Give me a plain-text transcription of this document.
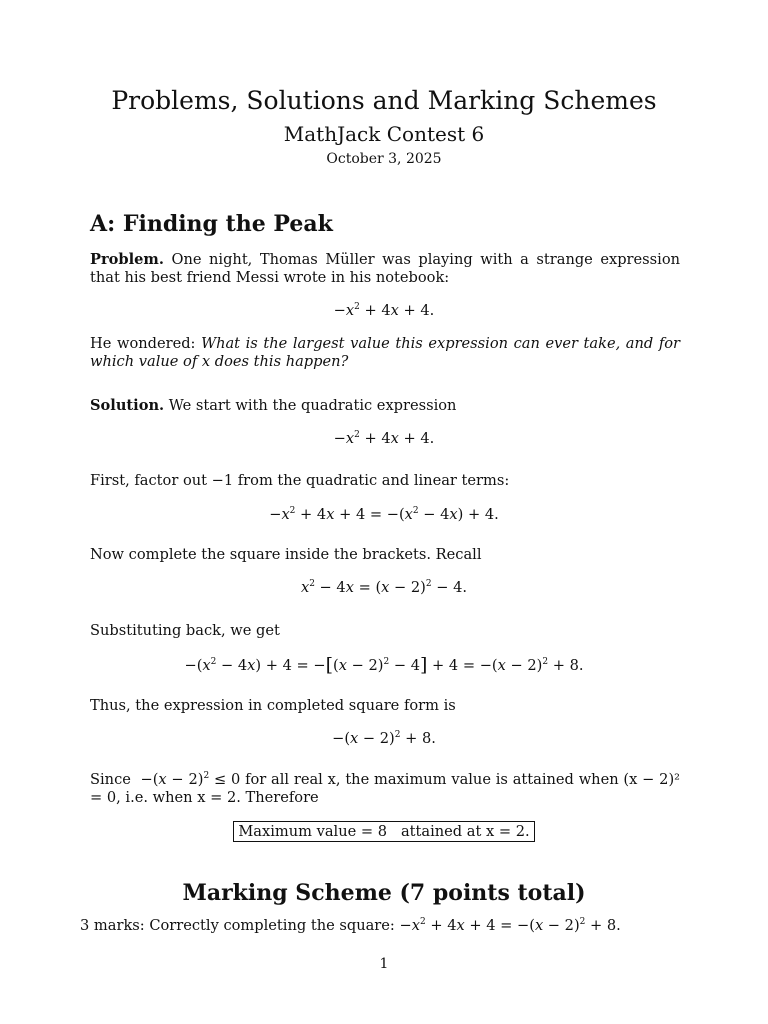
Problems, Solutions and Marking Schemes
MathJack Contest 6
October 3, 2025
A: Finding the Peak
Problem. One night, Thomas Müller was playing with a strange expression that his best friend Messi wrote in his notebook:
$-x^2 + 4x + 4$.
He wondered: What is the largest value this expression can ever take, and for which value of x does this happen?
Solution. We start with the quadratic expression
$-x^2 + 4x + 4$.
First, factor out −1 from the quadratic and linear terms:
$-x^2 + 4x + 4 = -(x^2 - 4x) + 4$.
Now complete the square inside the brackets. Recall
$x^2 - 4x = (x - 2)^2 - 4$.
Substituting back, we get
$-(x^2 - 4x) + 4 = -[(x - 2)^2 - 4] + 4 = -(x - 2)^2 + 8$.
Thus, the expression in completed square form is
$-(x - 2)^2 + 8$.
Since  $-(x - 2)^2 \le 0$ for all real x, the maximum value is attained when (x − 2)² = 0, i.e. when x = 2. Therefore
Maximum value = 8 attained at x = 2.
Marking Scheme (7 points total)
3 marks: Correctly completing the square: $-x^2 + 4x + 4 = -(x - 2)^2 + 8$.
1
